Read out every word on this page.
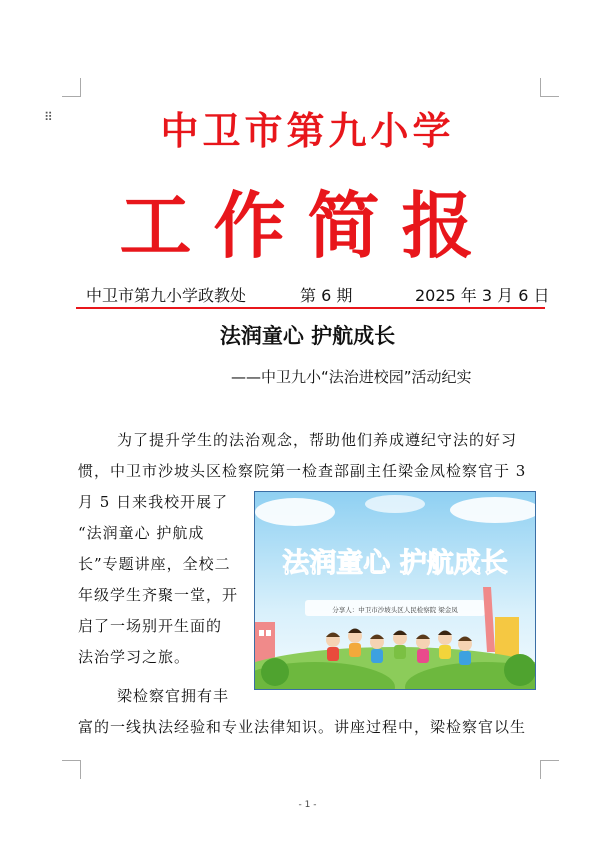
⠿	中卫市第九小学
工作简报
中卫市第九小学政教处	第 6 期	2025 年 3 月 6 日
法润童心 护航成长
——中卫九小“法治进校园”活动纪实
为了提升学生的法治观念，帮助他们养成遵纪守法的好习
惯，中卫市沙坡头区检察院第一检查部副主任梁金凤检察官于 3
月 5 日来我校开展了
“法润童心 护航成
长”专题讲座，全校二
年级学生齐聚一堂，开
启了一场别开生面的
法治学习之旅。
梁检察官拥有丰
富的一线执法经验和专业法律知识。讲座过程中，梁检察官以生
法润童心 护航成长
分享人：中卫市沙坡头区人民检察院 梁金凤
- 1 -
